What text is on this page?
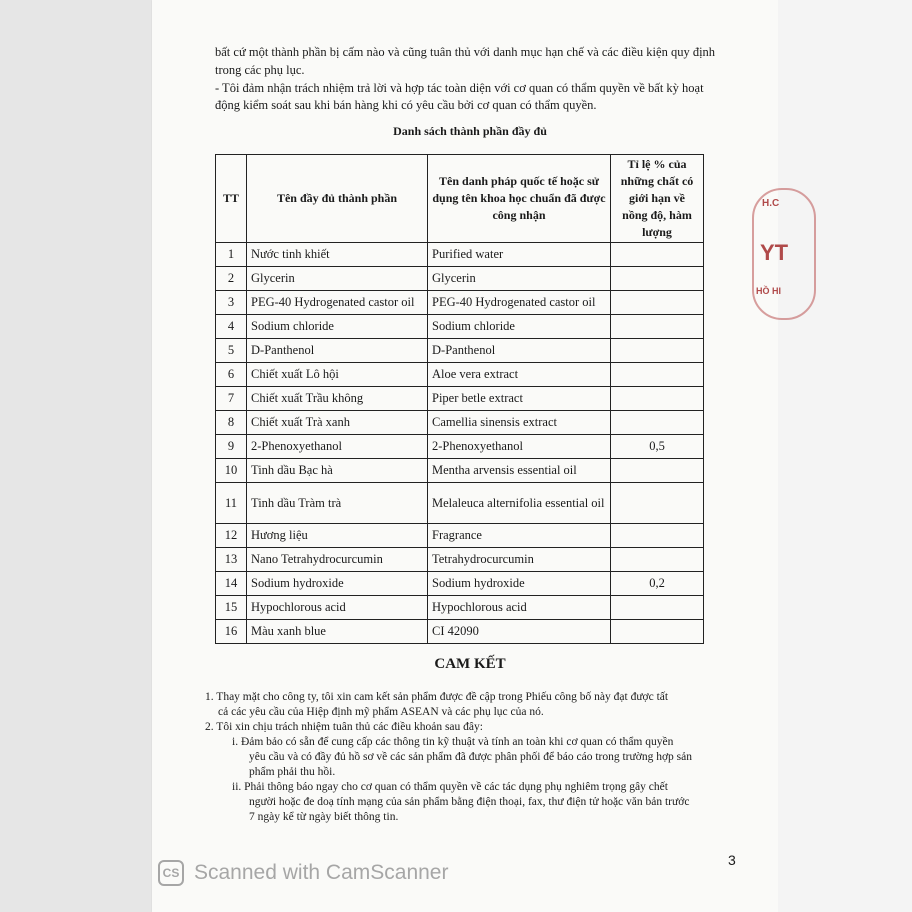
H.C
YT
HỒ HI
bất cứ một thành phần bị cấm nào và cũng tuân thủ với danh mục hạn chế và các điều kiện quy định
trong các phụ lục.
- Tôi đảm nhận trách nhiệm trả lời và hợp tác toàn diện với cơ quan có thẩm quyền về bất kỳ hoạt
động kiểm soát sau khi bán hàng khi có yêu cầu bởi cơ quan có thẩm quyền.
Danh sách thành phần đầy đủ
TT	Tên đầy đủ thành phần	Tên danh pháp quốc tế hoặc sử dụng tên khoa học chuẩn đã được công nhận	Tỉ lệ % của những chất có giới hạn về nồng độ, hàm lượng
1	Nước tinh khiết	Purified water	
2	Glycerin	Glycerin	
3	PEG-40 Hydrogenated castor oil	PEG-40 Hydrogenated castor oil	
4	Sodium chloride	Sodium chloride	
5	D-Panthenol	D-Panthenol	
6	Chiết xuất Lô hội	Aloe vera extract	
7	Chiết xuất Trầu không	Piper betle extract	
8	Chiết xuất Trà xanh	Camellia sinensis extract	
9	2-Phenoxyethanol	2-Phenoxyethanol	0,5
10	Tinh dầu Bạc hà	Mentha arvensis essential oil	
11	Tinh dầu Tràm trà	Melaleuca alternifolia essential oil	
12	Hương liệu	Fragrance	
13	Nano Tetrahydrocurcumin	Tetrahydrocurcumin	
14	Sodium hydroxide	Sodium hydroxide	0,2
15	Hypochlorous acid	Hypochlorous acid	
16	Màu xanh blue	CI 42090	
CAM KẾT
1. Thay mặt cho công ty, tôi xin cam kết sản phẩm được đề cập trong Phiếu công bố này đạt được tất
cả các yêu cầu của Hiệp định mỹ phẩm ASEAN và các phụ lục của nó.
2. Tôi xin chịu trách nhiệm tuân thủ các điều khoản sau đây:
i. Đảm bảo có sẵn để cung cấp các thông tin kỹ thuật và tính an toàn khi cơ quan có thẩm quyền
yêu cầu và có đầy đủ hồ sơ về các sản phẩm đã được phân phối để báo cáo trong trường hợp sản
phẩm phải thu hồi.
ii. Phải thông báo ngay cho cơ quan có thẩm quyền về các tác dụng phụ nghiêm trọng gây chết
người hoặc đe doạ tính mạng của sản phẩm bằng điện thoại, fax, thư điện tử hoặc văn bản trước
7 ngày kể từ ngày biết thông tin.
3
CS Scanned with CamScanner
